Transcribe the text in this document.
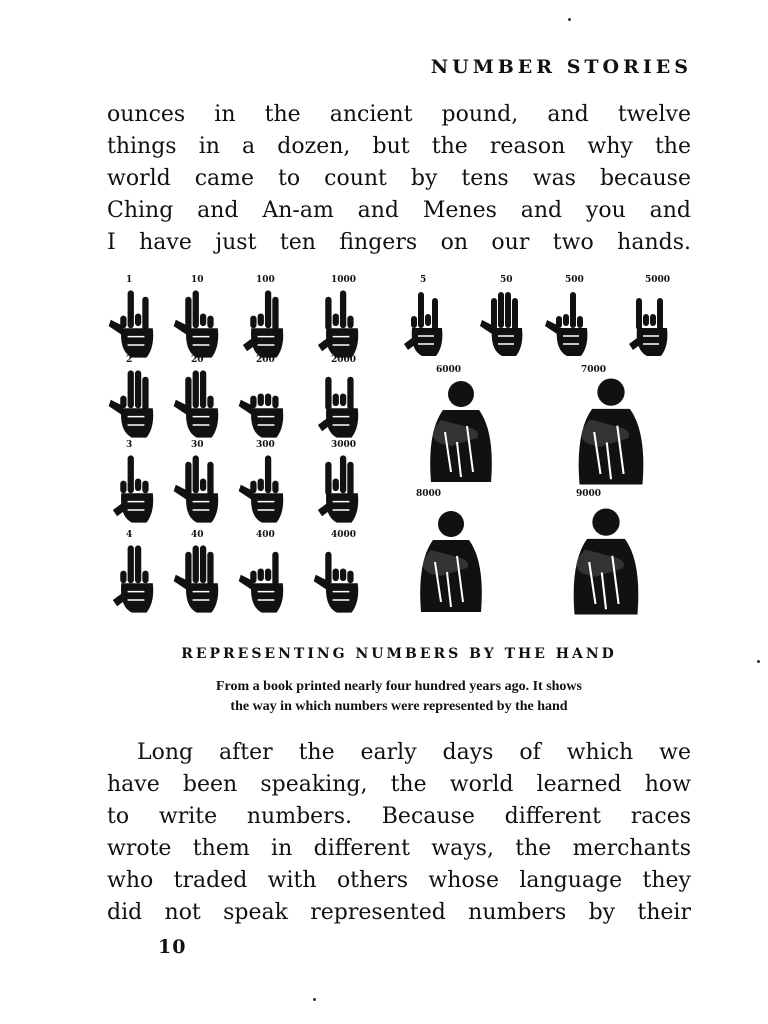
NUMBER STORIES
ounces in the ancient pound, and twelve
things in a dozen, but the reason why the
world came to count by tens was because
Ching and An-am and Menes and you and
I have just ten fingers on our two hands.
1	10	100	1000
2	20	200	2000
3	30	300	3000
4	40	400	4000
5	50	500	5000
6000	7000
8000	9000
REPRESENTING NUMBERS BY THE HAND
From a book printed nearly four hundred years ago. It shows
the way in which numbers were represented by the hand
Long after the early days of which we
have been speaking, the world learned how
to write numbers. Because different races
wrote them in different ways, the merchants
who traded with others whose language they
did not speak represented numbers by their
10
